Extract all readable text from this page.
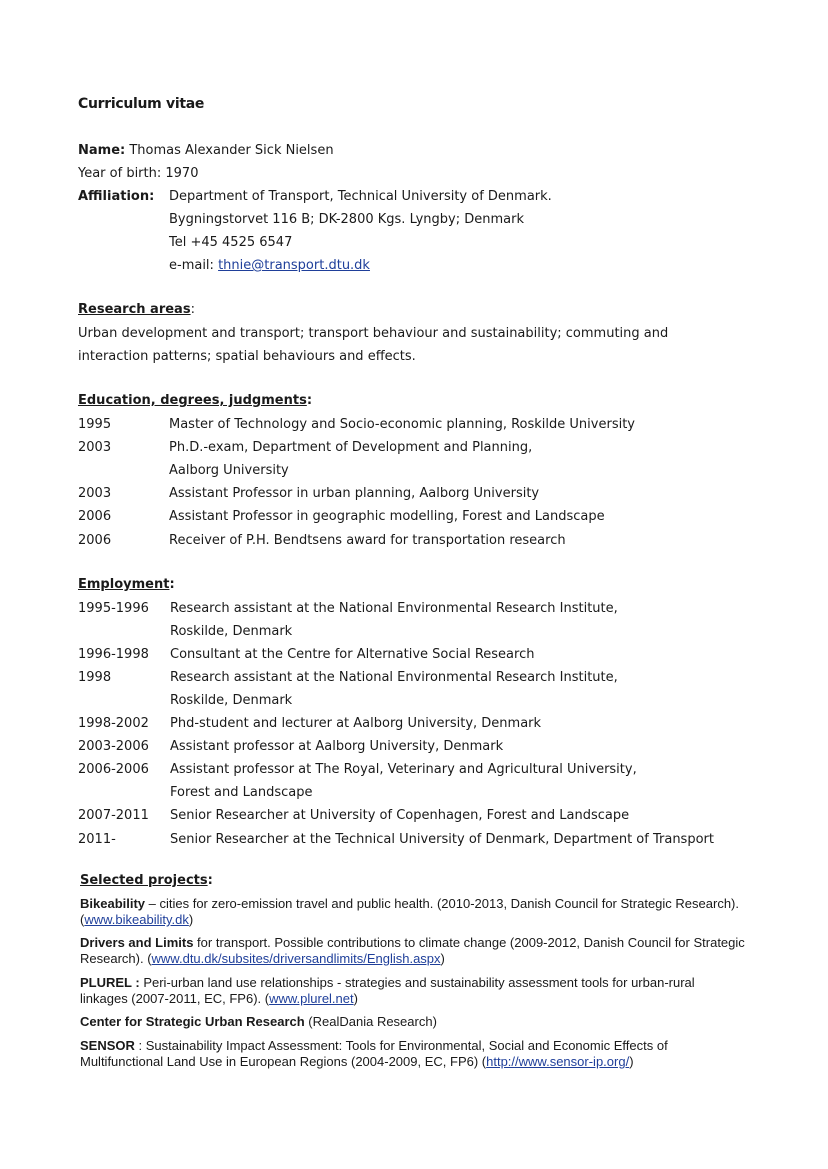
Curriculum vitae
Name: Thomas Alexander Sick Nielsen
Year of birth: 1970
Affiliation: Department of Transport, Technical University of Denmark.
Bygningstorvet 116 B; DK-2800 Kgs. Lyngby; Denmark
Tel +45 4525 6547
e-mail: thnie@transport.dtu.dk
Research areas:
Urban development and transport; transport behaviour and sustainability; commuting and interaction patterns; spatial behaviours and effects.
Education, degrees, judgments:
1995	Master of Technology and Socio-economic planning, Roskilde University
2003	Ph.D.-exam, Department of Development and Planning,
Aalborg University
2003	Assistant Professor in urban planning, Aalborg University
2006	Assistant Professor in geographic modelling, Forest and Landscape
2006	Receiver of P.H. Bendtsens award for transportation research
Employment:
1995-1996 Research assistant at the National Environmental Research Institute,
Roskilde, Denmark
1996-1998 Consultant at the Centre for Alternative Social Research
1998	Research assistant at the National Environmental Research Institute,
Roskilde, Denmark
1998-2002 Phd-student and lecturer at Aalborg University, Denmark
2003-2006 Assistant professor at Aalborg University, Denmark
2006-2006 Assistant professor at The Royal, Veterinary and Agricultural University,
Forest and Landscape
2007-2011 Senior Researcher at University of Copenhagen, Forest and Landscape
2011-	Senior Researcher at the Technical University of Denmark, Department of Transport
Selected projects:
Bikeability – cities for zero-emission travel and public health. (2010-2013, Danish Council for Strategic Research). (www.bikeability.dk)
Drivers and Limits for transport. Possible contributions to climate change (2009-2012, Danish Council for Strategic Research). (www.dtu.dk/subsites/driversandlimits/English.aspx)
PLUREL : Peri-urban land use relationships - strategies and sustainability assessment tools for urban-rural linkages (2007-2011, EC, FP6). (www.plurel.net)
Center for Strategic Urban Research (RealDania Research)
SENSOR : Sustainability Impact Assessment: Tools for Environmental, Social and Economic Effects of Multifunctional Land Use in European Regions (2004-2009, EC, FP6) (http://www.sensor-ip.org/)
